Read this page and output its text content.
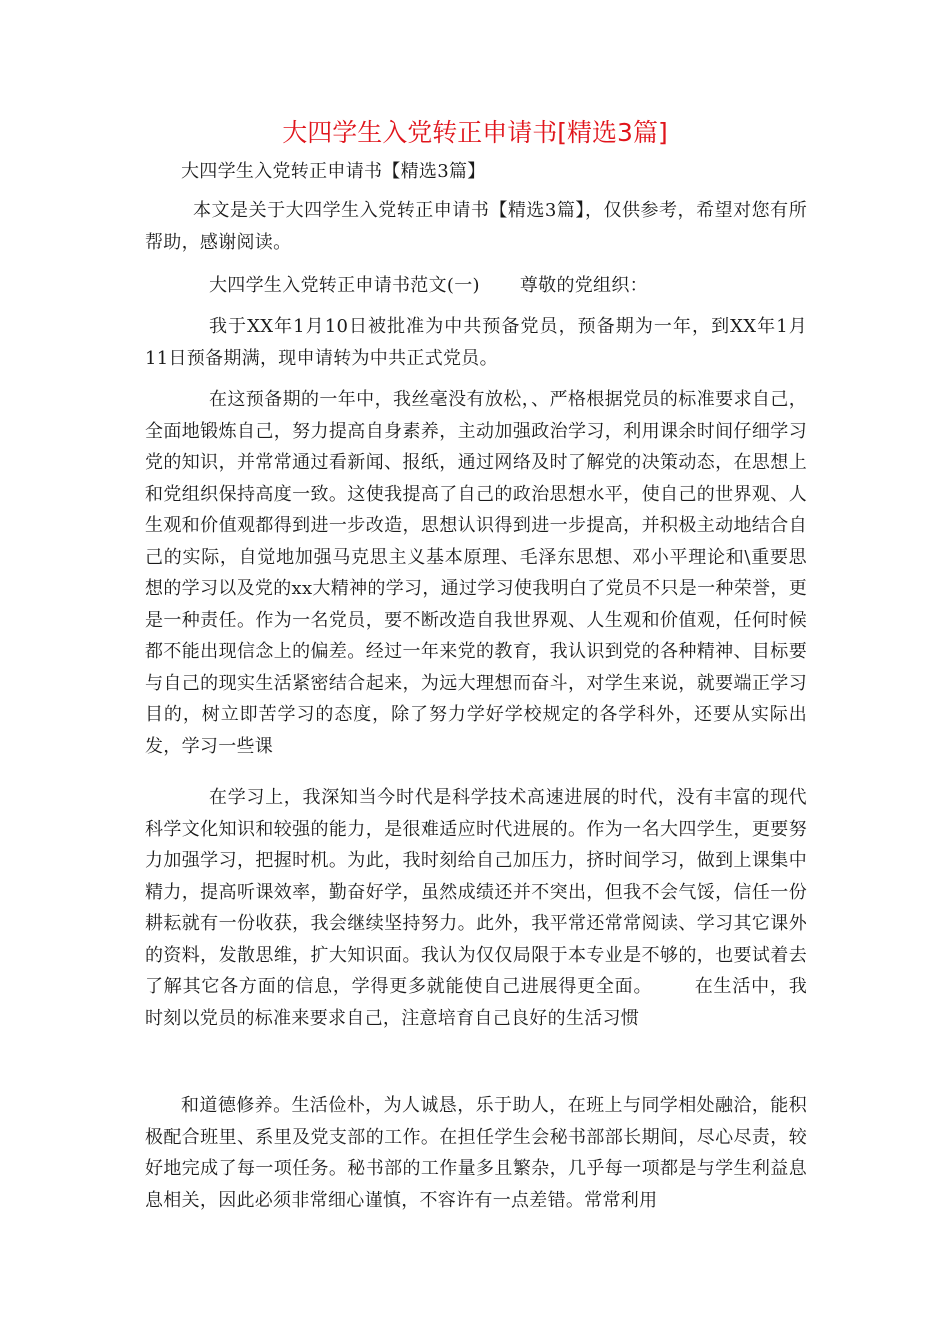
大四学生入党转正申请书[精选3篇]

大四学生入党转正申请书【精选3篇】

本文是关于大四学生入党转正申请书【精选3篇】，仅供参考，希望对您有所帮助，感谢阅读。

大四学生入党转正申请书范文(一) 尊敬的党组织：

我于XX年1月10日被批准为中共预备党员，预备期为一年，到XX年1月11日预备期满，现申请转为中共正式党员。

在这预备期的一年中，我丝毫没有放松，、严格根据党员的标准要求自己，全面地锻炼自己，努力提高自身素养，主动加强政治学习，利用课余时间仔细学习党的知识，并常常通过看新闻、报纸，通过网络及时了解党的决策动态，在思想上和党组织保持高度一致。这使我提高了自己的政治思想水平，使自己的世界观、人生观和价值观都得到进一步改造，思想认识得到进一步提高，并积极主动地结合自己的实际，自觉地加强马克思主义基本原理、毛泽东思想、邓小平理论和\重要思想的学习以及党的xx大精神的学习，通过学习使我明白了党员不只是一种荣誉，更是一种责任。作为一名党员，要不断改造自我世界观、人生观和价值观，任何时候都不能出现信念上的偏差。经过一年来党的教育，我认识到党的各种精神、目标要与自己的现实生活紧密结合起来，为远大理想而奋斗，对学生来说，就要端正学习目的，树立即苦学习的态度，除了努力学好学校规定的各学科外，还要从实际出发，学习一些课

在学习上，我深知当今时代是科学技术高速进展的时代，没有丰富的现代科学文化知识和较强的能力，是很难适应时代进展的。作为一名大四学生，更要努力加强学习，把握时机。为此，我时刻给自己加压力，挤时间学习，做到上课集中精力，提高听课效率，勤奋好学，虽然成绩还并不突出，但我不会气馁，信任一份耕耘就有一份收获，我会继续坚持努力。此外，我平常还常常阅读、学习其它课外的资料，发散思维，扩大知识面。我认为仅仅局限于本专业是不够的，也要试着去了解其它各方面的信息，学得更多就能使自己进展得更全面。 在生活中，我时刻以党员的标准来要求自己，注意培育自己良好的生活习惯

和道德修养。生活俭朴，为人诚恳，乐于助人，在班上与同学相处融洽，能积极配合班里、系里及党支部的工作。在担任学生会秘书部部长期间，尽心尽责，较好地完成了每一项任务。秘书部的工作量多且繁杂，几乎每一项都是与学生利益息息相关，因此必须非常细心谨慎，不容许有一点差错。常常利用
